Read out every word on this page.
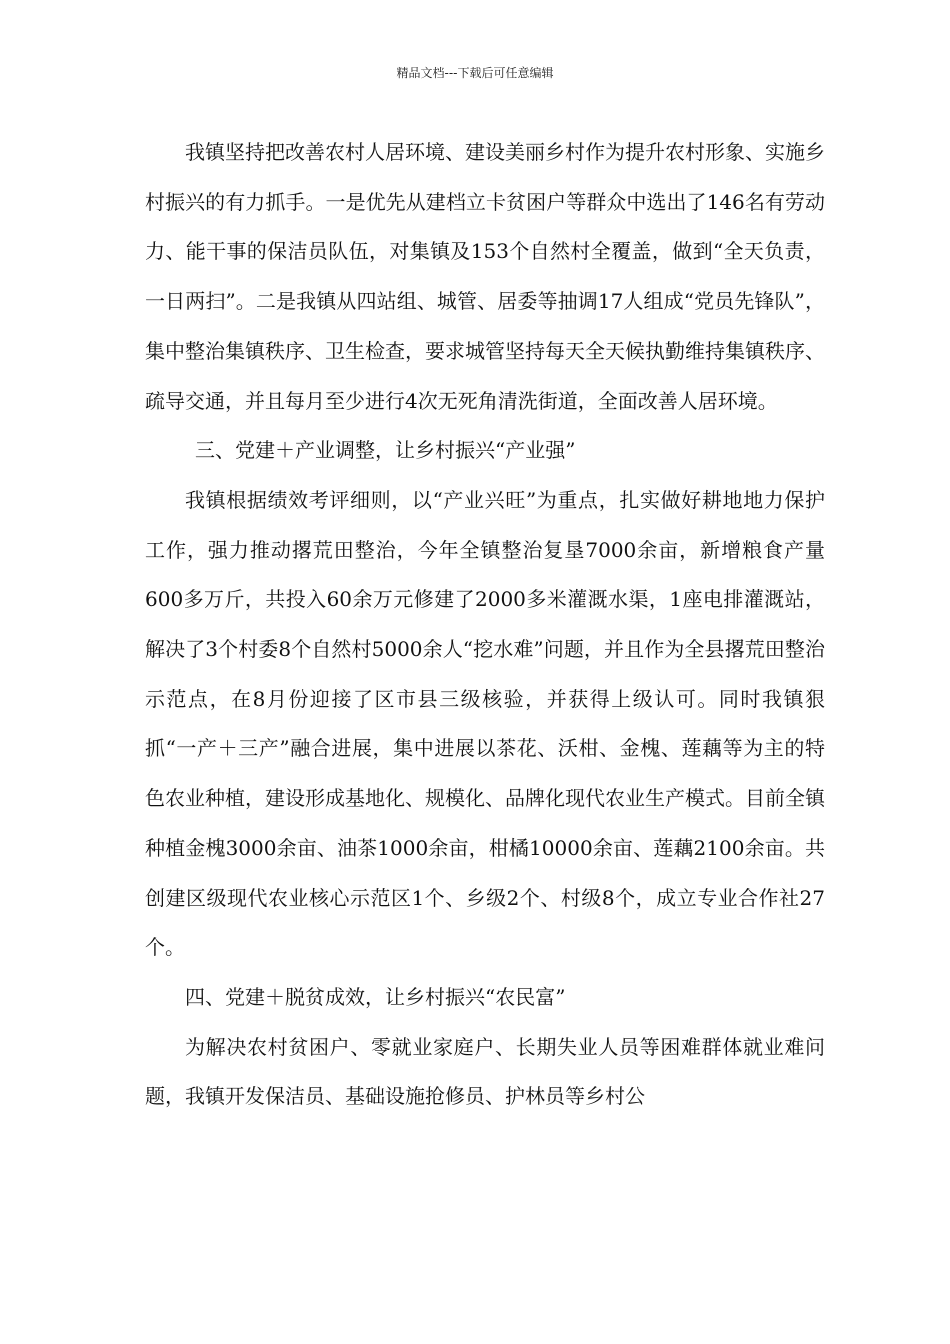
精品文档---下载后可任意编辑

我镇坚持把改善农村人居环境、建设美丽乡村作为提升农村形象、实施乡村振兴的有力抓手。一是优先从建档立卡贫困户等群众中选出了146名有劳动力、能干事的保洁员队伍，对集镇及153个自然村全覆盖，做到“全天负责，一日两扫”。二是我镇从四站组、城管、居委等抽调17人组成“党员先锋队”，集中整治集镇秩序、卫生检查，要求城管坚持每天全天候执勤维持集镇秩序、疏导交通，并且每月至少进行4次无死角清洗街道，全面改善人居环境。

三、党建＋产业调整，让乡村振兴“产业强”

我镇根据绩效考评细则，以“产业兴旺”为重点，扎实做好耕地地力保护工作，强力推动撂荒田整治，今年全镇整治复垦7000余亩，新增粮食产量600多万斤，共投入60余万元修建了2000多米灌溉水渠，1座电排灌溉站，解决了3个村委8个自然村5000余人“挖水难”问题，并且作为全县撂荒田整治示范点，在8月份迎接了区市县三级核验，并获得上级认可。同时我镇狠抓“一产＋三产”融合进展，集中进展以茶花、沃柑、金槐、莲藕等为主的特色农业种植，建设形成基地化、规模化、品牌化现代农业生产模式。目前全镇种植金槐3000余亩、油茶1000余亩，柑橘10000余亩、莲藕2100余亩。共创建区级现代农业核心示范区1个、乡级2个、村级8个，成立专业合作社27个。

四、党建＋脱贫成效，让乡村振兴“农民富”

为解决农村贫困户、零就业家庭户、长期失业人员等困难群体就业难问题，我镇开发保洁员、基础设施抢修员、护林员等乡村公
